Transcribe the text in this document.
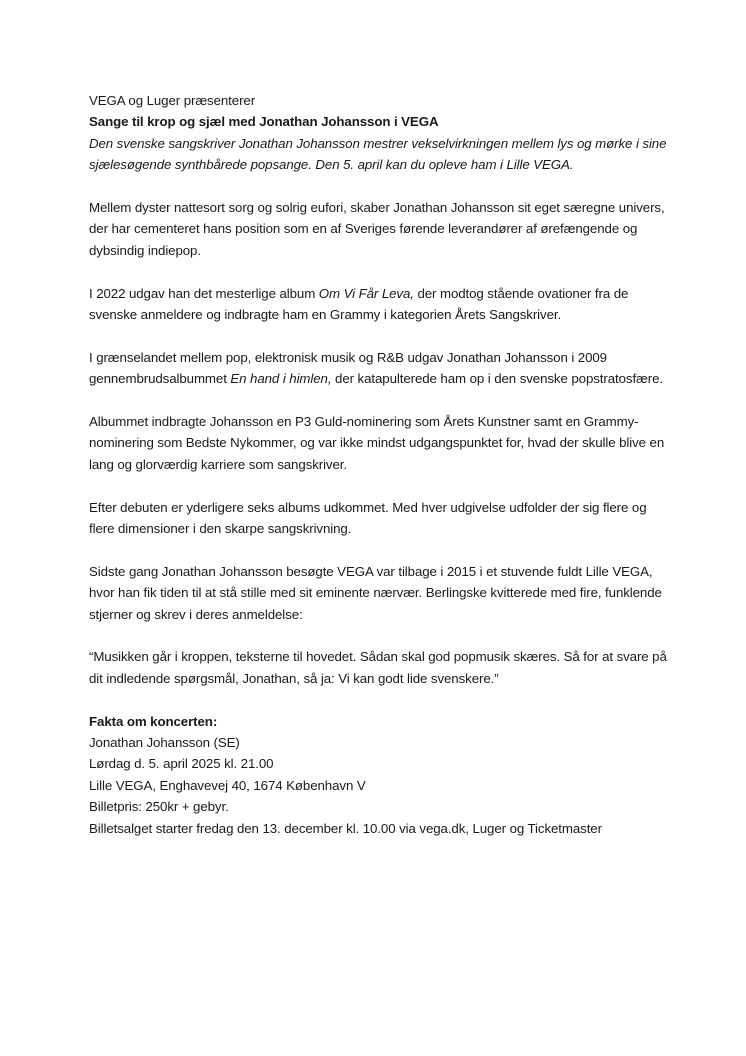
VEGA og Luger præsenterer

Sange til krop og sjæl med Jonathan Johansson i VEGA

Den svenske sangskriver Jonathan Johansson mestrer vekselvirkningen mellem lys og mørke i sine sjælesøgende synthbårede popsange. Den 5. april kan du opleve ham i Lille VEGA.

Mellem dyster nattesort sorg og solrig eufori, skaber Jonathan Johansson sit eget særegne univers, der har cementeret hans position som en af Sveriges førende leverandører af ørefængende og dybsindig indiepop.

I 2022 udgav han det mesterlige album Om Vi Får Leva, der modtog stående ovationer fra de svenske anmeldere og indbragte ham en Grammy i kategorien Årets Sangskriver.

I grænselandet mellem pop, elektronisk musik og R&B udgav Jonathan Johansson i 2009 gennembrudsalbummet En hand i himlen, der katapulterede ham op i den svenske popstratosfære.

Albummet indbragte Johansson en P3 Guld-nominering som Årets Kunstner samt en Grammy-nominering som Bedste Nykommer, og var ikke mindst udgangspunktet for, hvad der skulle blive en lang og glorværdig karriere som sangskriver.

Efter debuten er yderligere seks albums udkommet. Med hver udgivelse udfolder der sig flere og flere dimensioner i den skarpe sangskrivning.

Sidste gang Jonathan Johansson besøgte VEGA var tilbage i 2015 i et stuvende fuldt Lille VEGA, hvor han fik tiden til at stå stille med sit eminente nærvær. Berlingske kvitterede med fire, funklende stjerner og skrev i deres anmeldelse:

“Musikken går i kroppen, teksterne til hovedet. Sådan skal god popmusik skæres. Så for at svare på dit indledende spørgsmål, Jonathan, så ja: Vi kan godt lide svenskere.”

Fakta om koncerten:

Jonathan Johansson (SE)

Lørdag d. 5. april 2025 kl. 21.00

Lille VEGA, Enghavevej 40, 1674 København V

Billetpris: 250kr + gebyr.

Billetsalget starter fredag den 13. december kl. 10.00 via vega.dk, Luger og Ticketmaster
